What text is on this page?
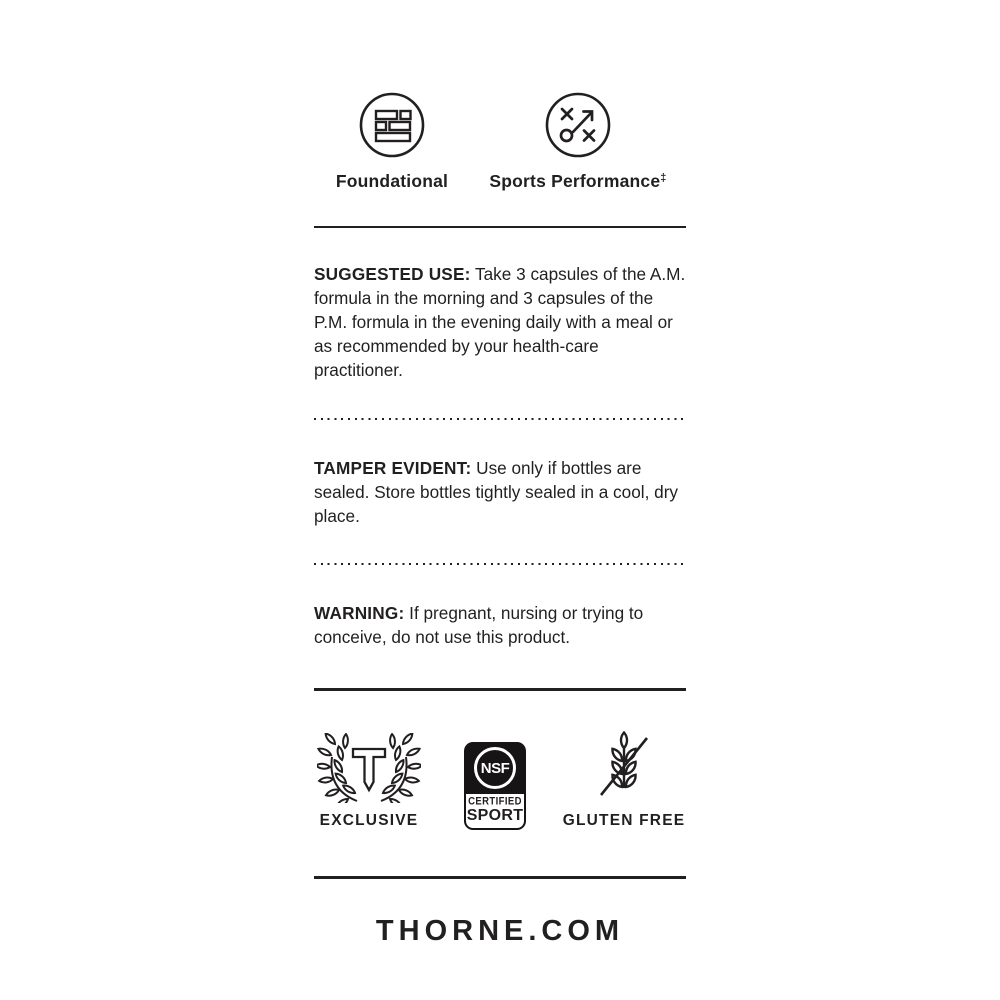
Foundational Sports Performance‡
SUGGESTED USE: Take 3 capsules of the A.M. formula in the morning and 3 capsules of the P.M. formula in the evening daily with a meal or as recommended by your health-care practitioner.
TAMPER EVIDENT: Use only if bottles are sealed. Store bottles tightly sealed in a cool, dry place.
WARNING: If pregnant, nursing or trying to conceive, do not use this product.
EXCLUSIVE
NSF
CERTIFIED
SPORT	GLUTEN FREE
THORNE.COM
